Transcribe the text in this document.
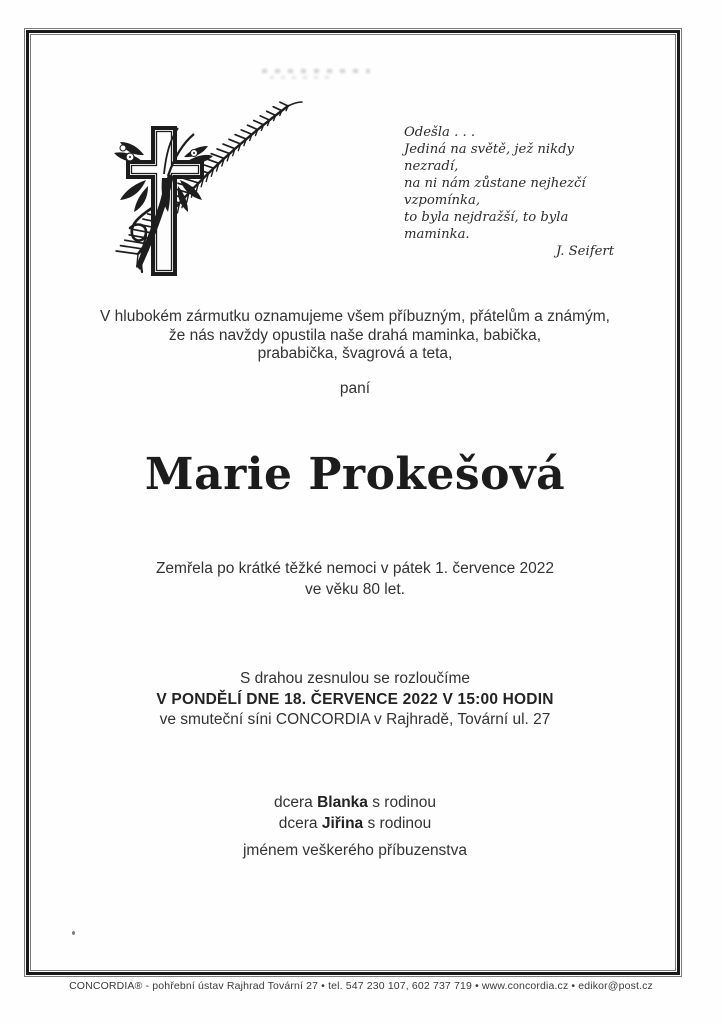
Odešla . . .
Jediná na světě, jež nikdy nezradí,
na ni nám zůstane nejhezčí vzpomínka,
to byla nejdražší, to byla maminka.
J. Seifert
V hlubokém zármutku oznamujeme všem příbuzným, přátelům a známým,
že nás navždy opustila naše drahá maminka, babička,
prababička, švagrová a teta,
paní
Marie Prokešová
Zemřela po krátké těžké nemoci v pátek 1. července 2022
ve věku 80 let.
S drahou zesnulou se rozloučíme
V PONDĚLÍ DNE 18. ČERVENCE 2022 V 15:00 HODIN
ve smuteční síni CONCORDIA v Rajhradě, Tovární ul. 27
dcera Blanka s rodinou
dcera Jiřina s rodinou
jménem veškerého příbuzenstva
CONCORDIA® - pohřební ústav Rajhrad Tovární 27 • tel. 547 230 107, 602 737 719 • www.concordia.cz • edikor@post.cz
